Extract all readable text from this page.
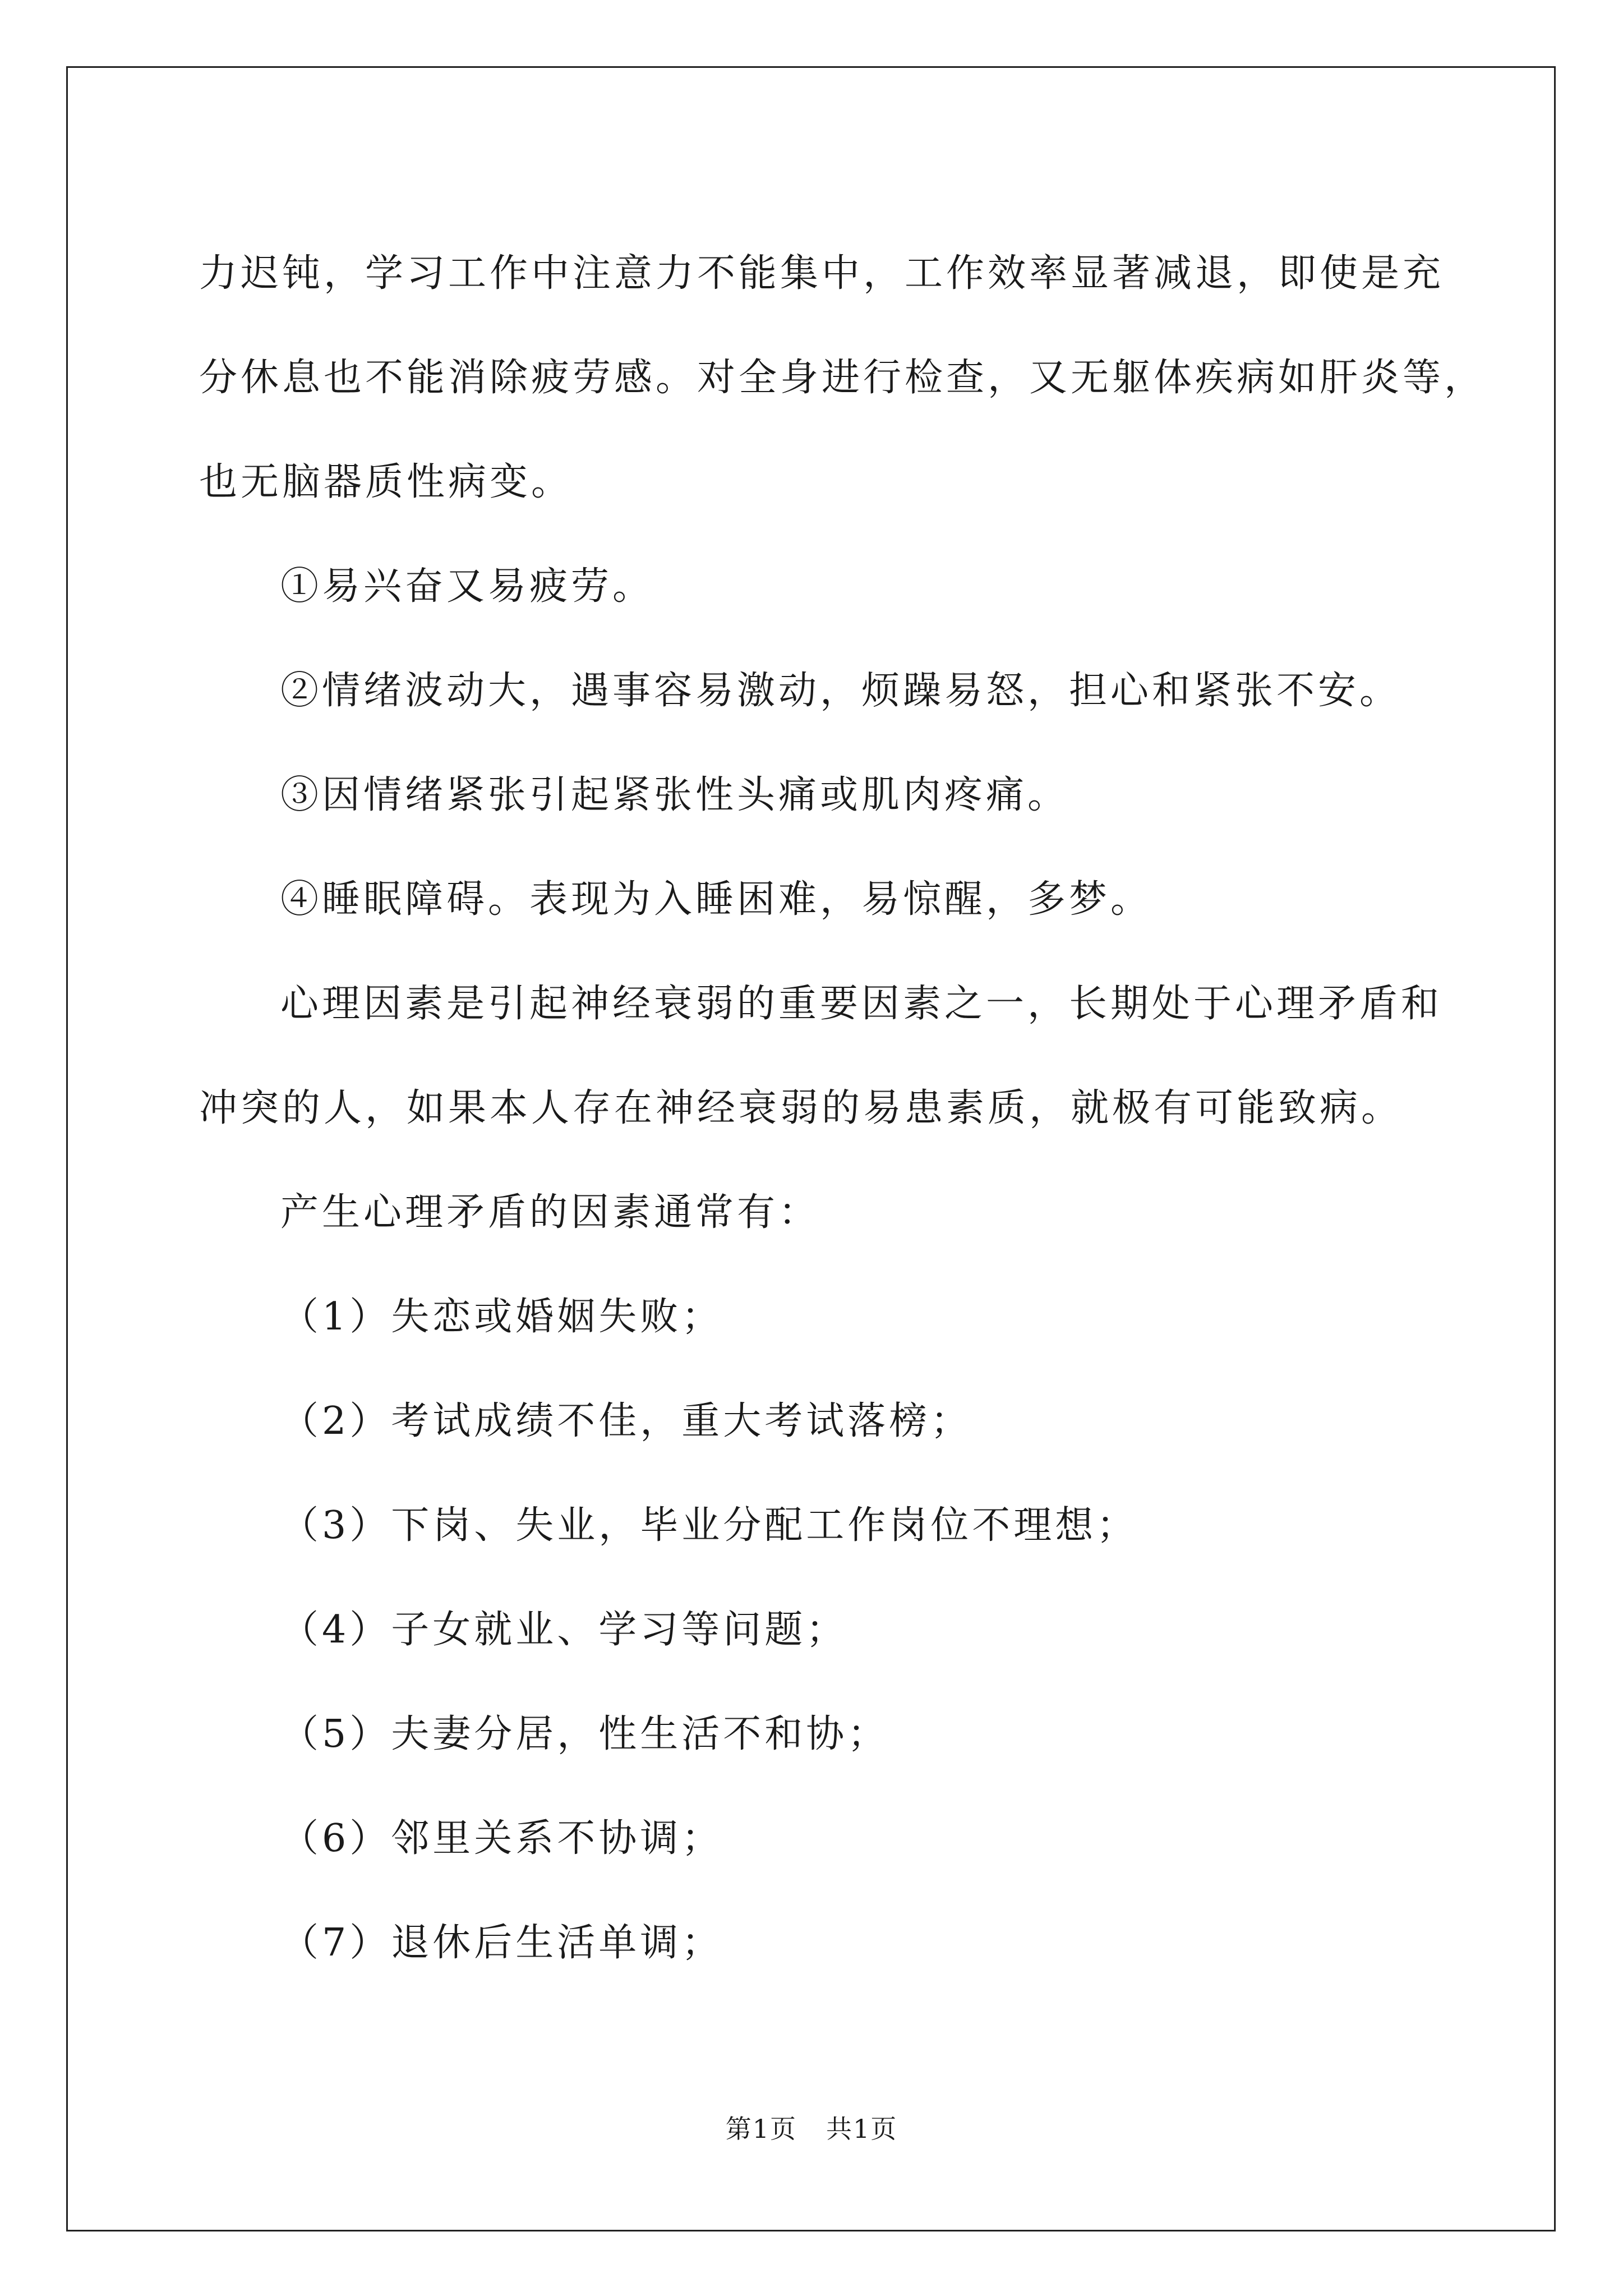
力迟钝，学习工作中注意力不能集中，工作效率显著减退，即使是充
分休息也不能消除疲劳感。对全身进行检查，又无躯体疾病如肝炎等，
也无脑器质性病变。
①易兴奋又易疲劳。
②情绪波动大，遇事容易激动，烦躁易怒，担心和紧张不安。
③因情绪紧张引起紧张性头痛或肌肉疼痛。
④睡眠障碍。表现为入睡困难，易惊醒，多梦。
心理因素是引起神经衰弱的重要因素之一，长期处于心理矛盾和
冲突的人，如果本人存在神经衰弱的易患素质，就极有可能致病。
产生心理矛盾的因素通常有：
（1）失恋或婚姻失败；
（2）考试成绩不佳，重大考试落榜；
（3）下岗、失业，毕业分配工作岗位不理想；
（4）子女就业、学习等问题；
（5）夫妻分居，性生活不和协；
（6）邻里关系不协调；
（7）退休后生活单调；
第1页 共1页
